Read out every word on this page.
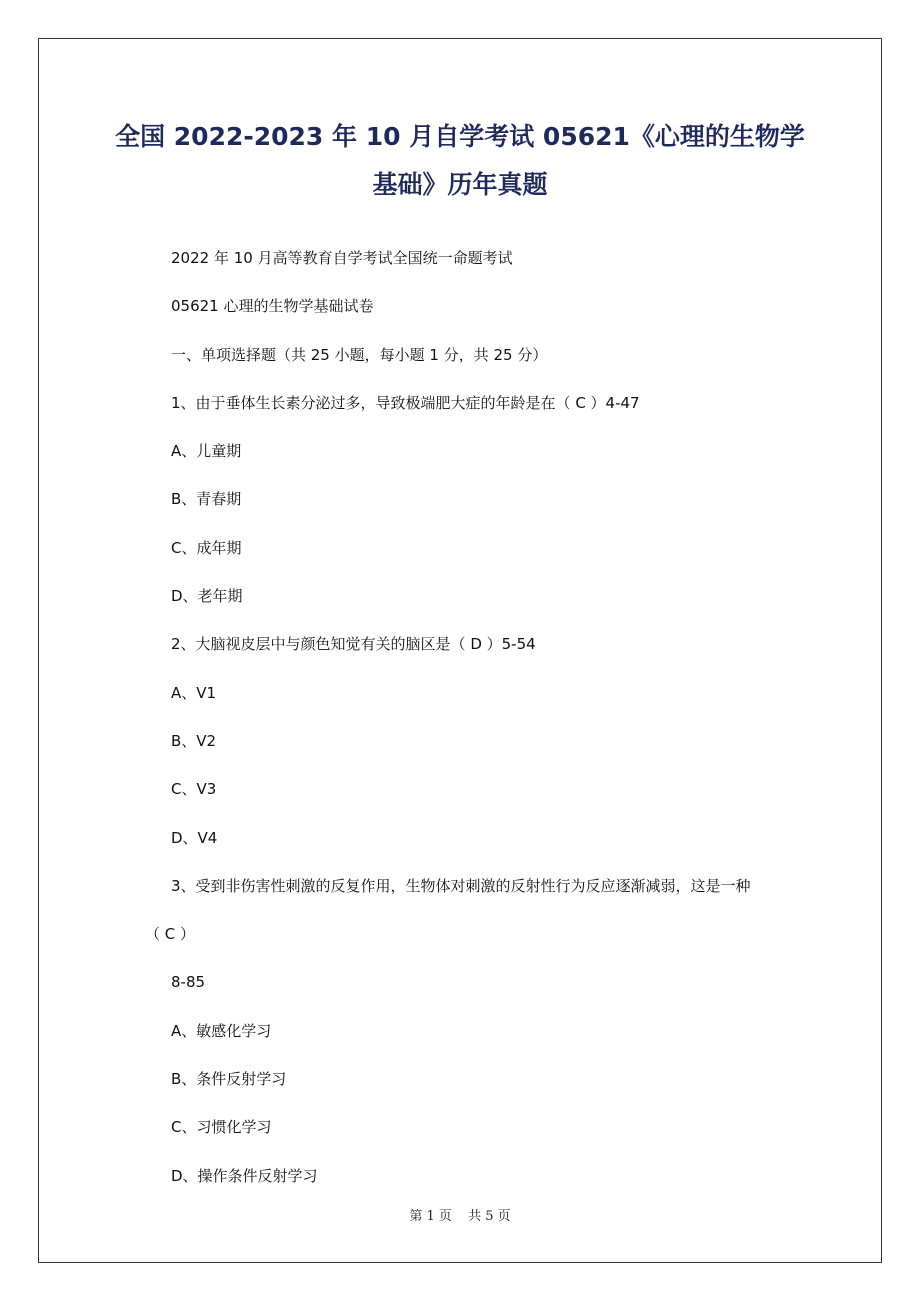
全国 2022-2023 年 10 月自学考试 05621《心理的生物学
基础》历年真题
2022 年 10 月高等教育自学考试全国统一命题考试
05621 心理的生物学基础试卷
一、单项选择题（共 25 小题，每小题 1 分，共 25 分）
1、由于垂体生长素分泌过多，导致极端肥大症的年龄是在（ C ）4-47
A、儿童期
B、青春期
C、成年期
D、老年期
2、大脑视皮层中与颜色知觉有关的脑区是（ D ）5-54
A、V1
B、V2
C、V3
D、V4
3、受到非伤害性刺激的反复作用，生物体对刺激的反射性行为反应逐渐减弱，这是一种
（ C ）
8-85
A、敏感化学习
B、条件反射学习
C、习惯化学习
D、操作条件反射学习
第 1 页 共 5 页
